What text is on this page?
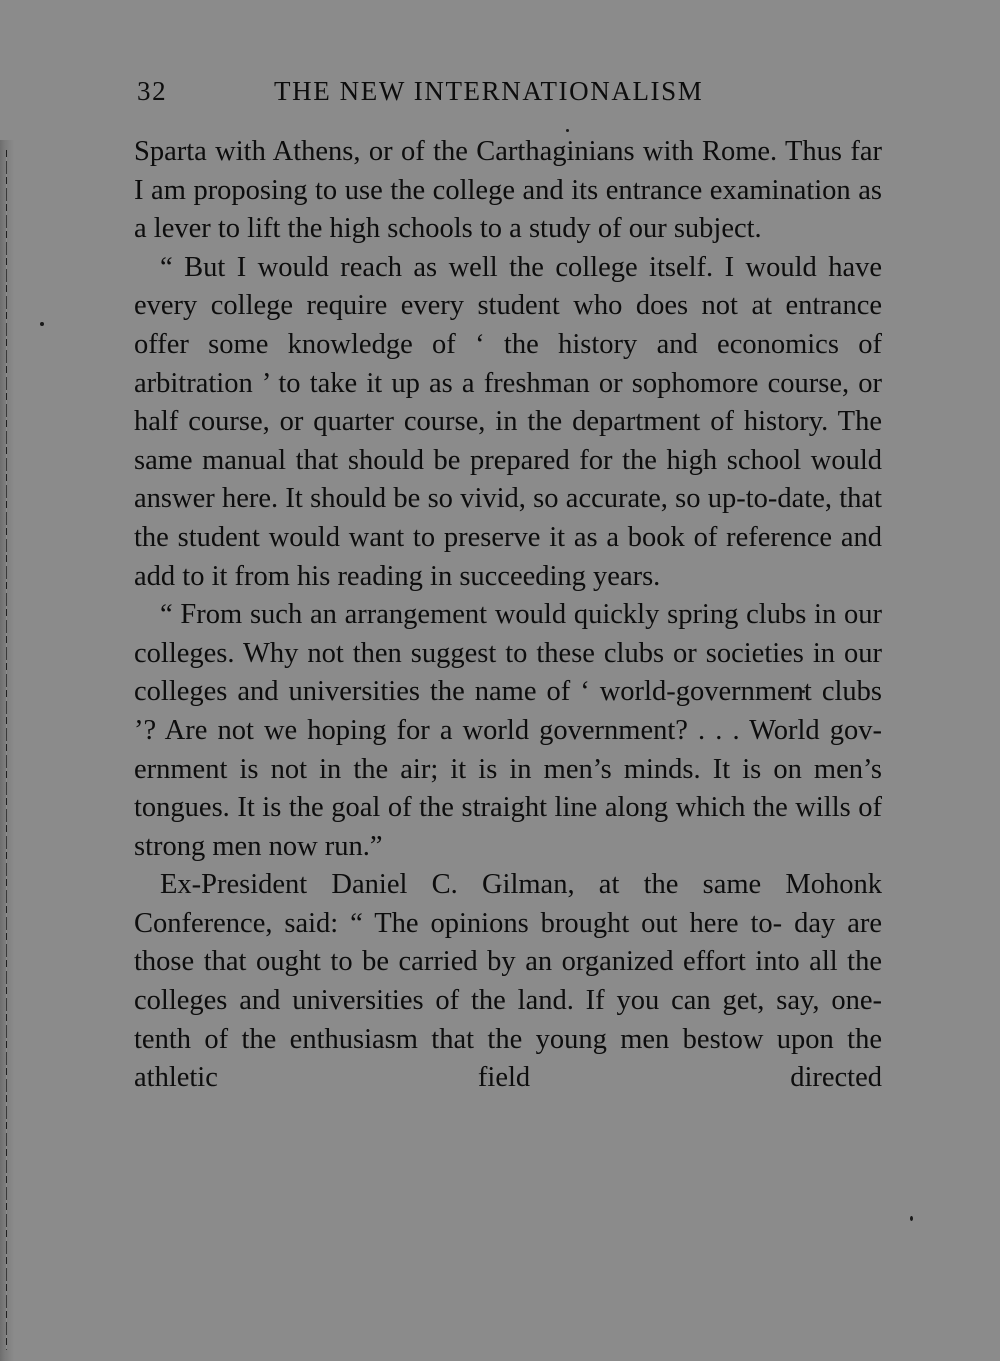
32	THE NEW INTERNATIONALISM

Sparta with Athens, or of the Carthaginians with Rome. Thus far I am proposing to use the college and its entrance examination as a lever to lift the high schools to a study of our subject.

“ But I would reach as well the college itself. I would have every college require every student who does not at entrance offer some knowledge of ‘ the history and economics of arbitration ’ to take it up as a freshman or sophomore course, or half course, or quarter course, in the department of history. The same manual that should be prepared for the high school would answer here. It should be so vivid, so accurate, so up-to-date, that the student would want to preserve it as a book of reference and add to it from his reading in succeeding years.

“ From such an arrangement would quickly spring clubs in our colleges. Why not then suggest to these clubs or societies in our colleges and universities the name of ‘ world-government clubs ’? Are not we hoping for a world government? . . . World gov- ernment is not in the air; it is in men’s minds. It is on men’s tongues. It is the goal of the straight line along which the wills of strong men now run.”

Ex-President Daniel C. Gilman, at the same Mohonk Conference, said: “ The opinions brought out here to- day are those that ought to be carried by an organized effort into all the colleges and universities of the land. If you can get, say, one-tenth of the enthusiasm that the young men bestow upon the athletic field directed
